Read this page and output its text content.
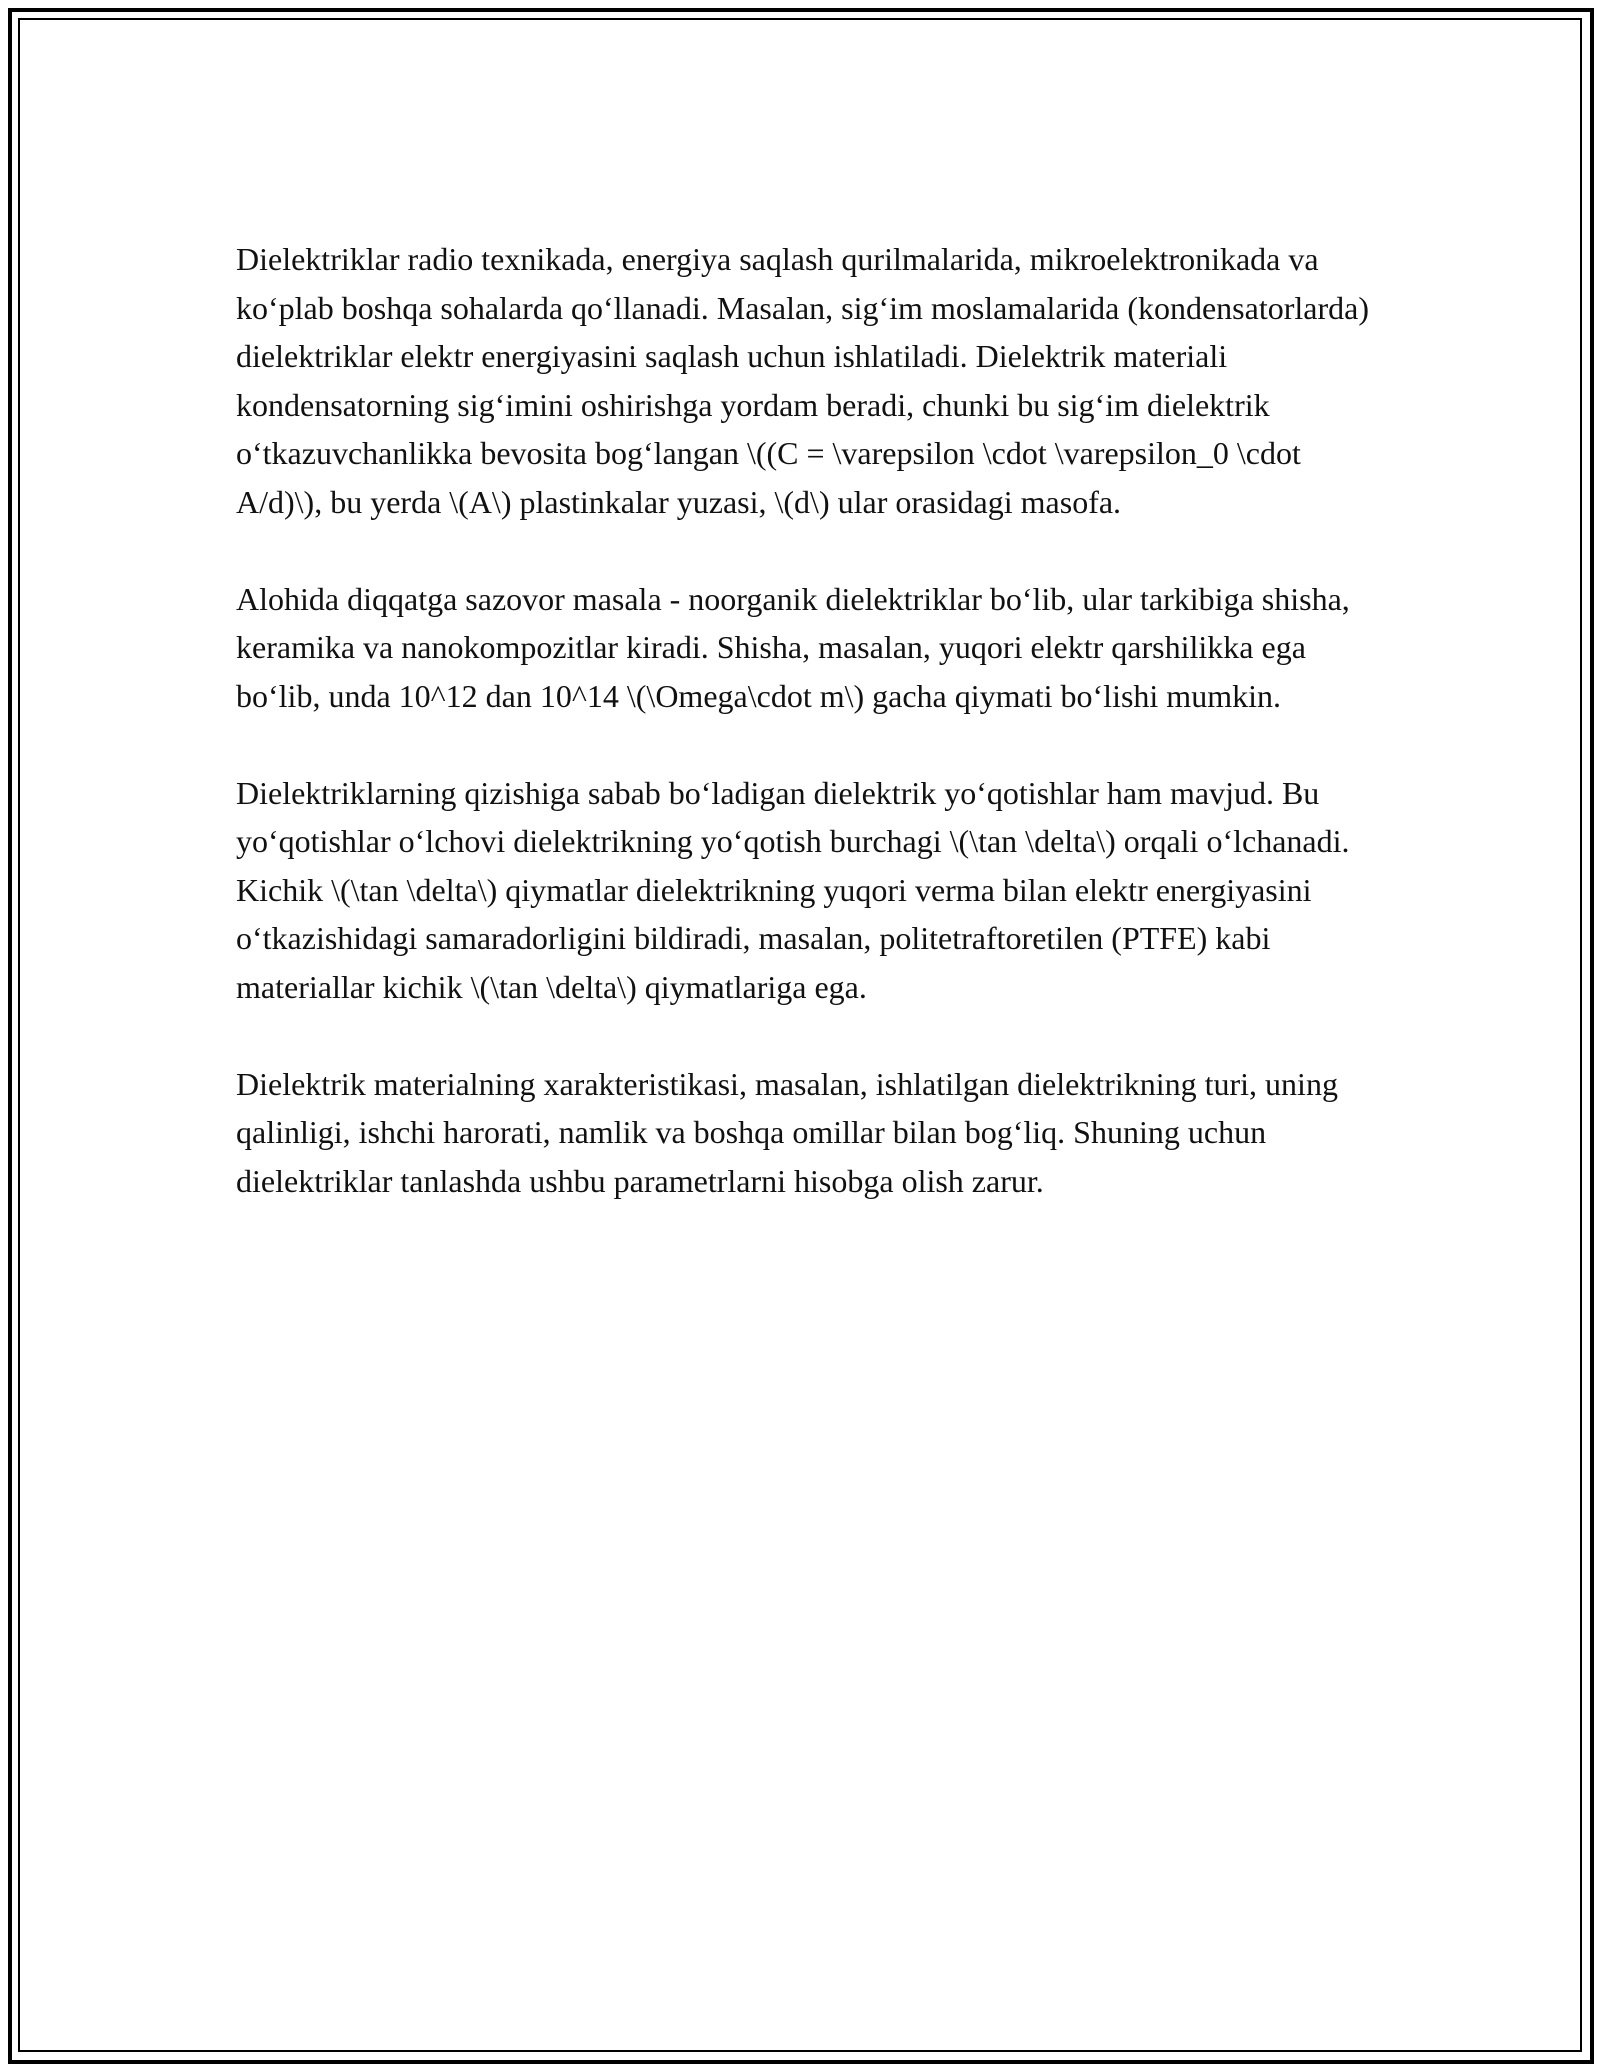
Dielektriklar radio texnikada, energiya saqlash qurilmalarida, mikroelektronikada va ko‘plab boshqa sohalarda qo‘llanadi. Masalan, sig‘im moslamalarida (kondensatorlarda) dielektriklar elektr energiyasini saqlash uchun ishlatiladi. Dielektrik materiali kondensatorning sig‘imini oshirishga yordam beradi, chunki bu sig‘im dielektrik o‘tkazuvchanlikka bevosita bog‘langan \((C = \varepsilon \cdot \varepsilon_0 \cdot A/d)\), bu yerda \(A\) plastinkalar yuzasi, \(d\) ular orasidagi masofa.

Alohida diqqatga sazovor masala - noorganik dielektriklar bo‘lib, ular tarkibiga shisha, keramika va nanokompozitlar kiradi. Shisha, masalan, yuqori elektr qarshilikka ega bo‘lib, unda 10^12 dan 10^14 \(\Omega\cdot m\) gacha qiymati bo‘lishi mumkin.

Dielektriklarning qizishiga sabab bo‘ladigan dielektrik yo‘qotishlar ham mavjud. Bu yo‘qotishlar o‘lchovi dielektrikning yo‘qotish burchagi \(\tan \delta\) orqali o‘lchanadi. Kichik \(\tan \delta\) qiymatlar dielektrikning yuqori verma bilan elektr energiyasini o‘tkazishidagi samaradorligini bildiradi, masalan, politetraftoretilen (PTFE) kabi materiallar kichik \(\tan \delta\) qiymatlariga ega.

Dielektrik materialning xarakteristikasi, masalan, ishlatilgan dielektrikning turi, uning qalinligi, ishchi harorati, namlik va boshqa omillar bilan bog‘liq. Shuning uchun dielektriklar tanlashda ushbu parametrlarni hisobga olish zarur.
